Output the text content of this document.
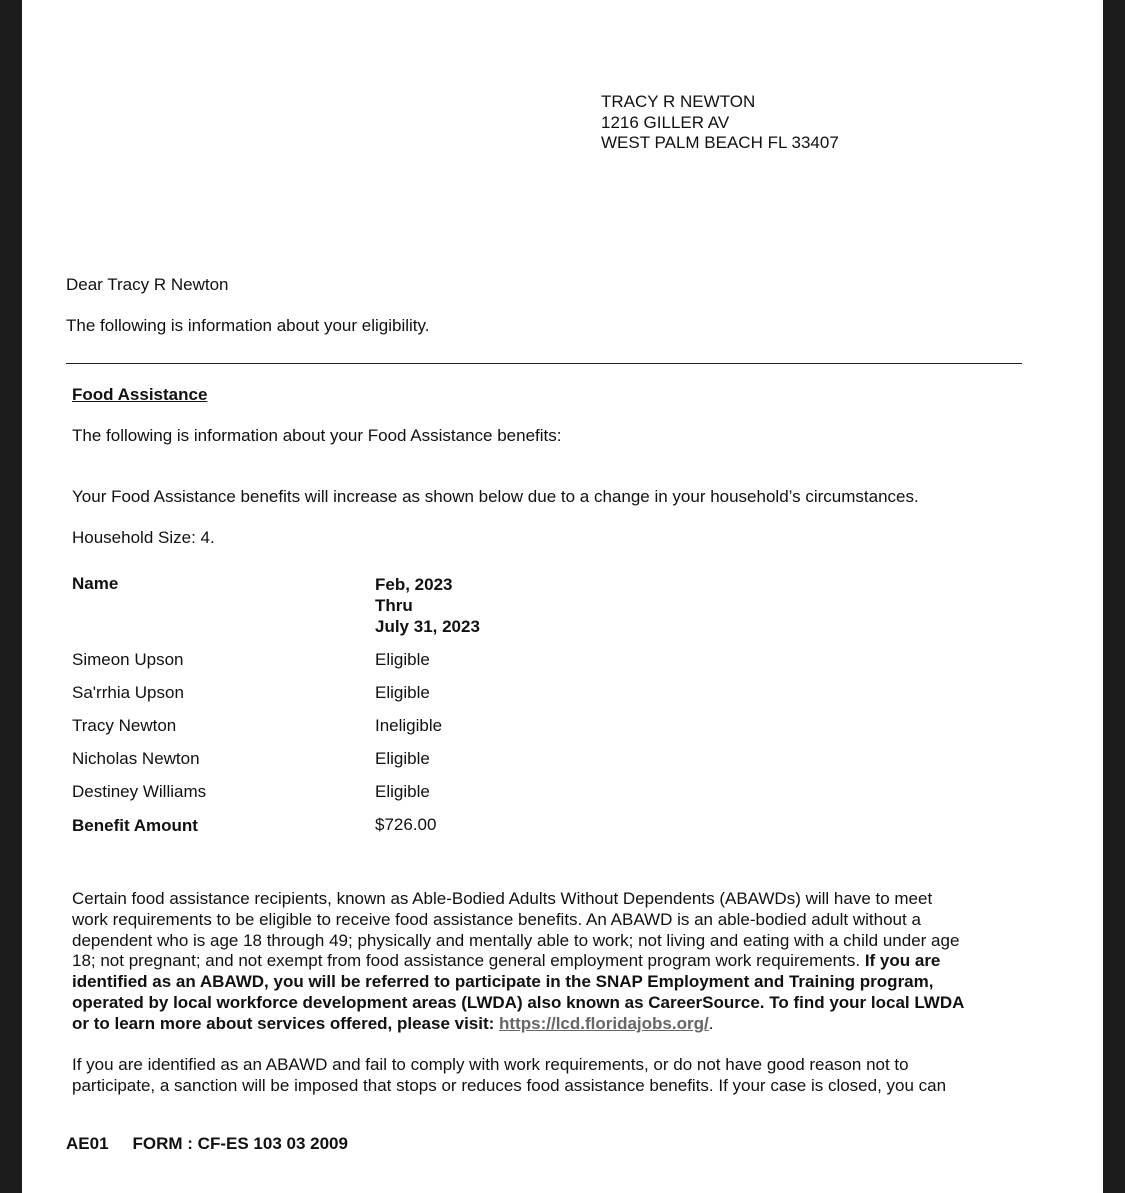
TRACY R NEWTON
1216 GILLER AV
WEST PALM BEACH FL 33407
Dear Tracy R Newton
The following is information about your eligibility.
Food Assistance
The following is information about your Food Assistance benefits:
Your Food Assistance benefits will increase as shown below due to a change in your household’s circumstances.
Household Size: 4.
Name	Feb, 2023
Thru
July 31, 2023
Simeon Upson	Eligible
Sa'rrhia Upson	Eligible
Tracy Newton	Ineligible
Nicholas Newton	Eligible
Destiney Williams	Eligible
Benefit Amount	$726.00
Certain food assistance recipients, known as Able-Bodied Adults Without Dependents (ABAWDs) will have to meet
work requirements to be eligible to receive food assistance benefits. An ABAWD is an able-bodied adult without a
dependent who is age 18 through 49; physically and mentally able to work; not living and eating with a child under age
18; not pregnant; and not exempt from food assistance general employment program work requirements. If you are
identified as an ABAWD, you will be referred to participate in the SNAP Employment and Training program,
operated by local workforce development areas (LWDA) also known as CareerSource. To find your local LWDA
or to learn more about services offered, please visit: https://lcd.floridajobs.org/.
If you are identified as an ABAWD and fail to comply with work requirements, or do not have good reason not to
participate, a sanction will be imposed that stops or reduces food assistance benefits. If your case is closed, you can
AE01 FORM : CF-ES 103 03 2009
